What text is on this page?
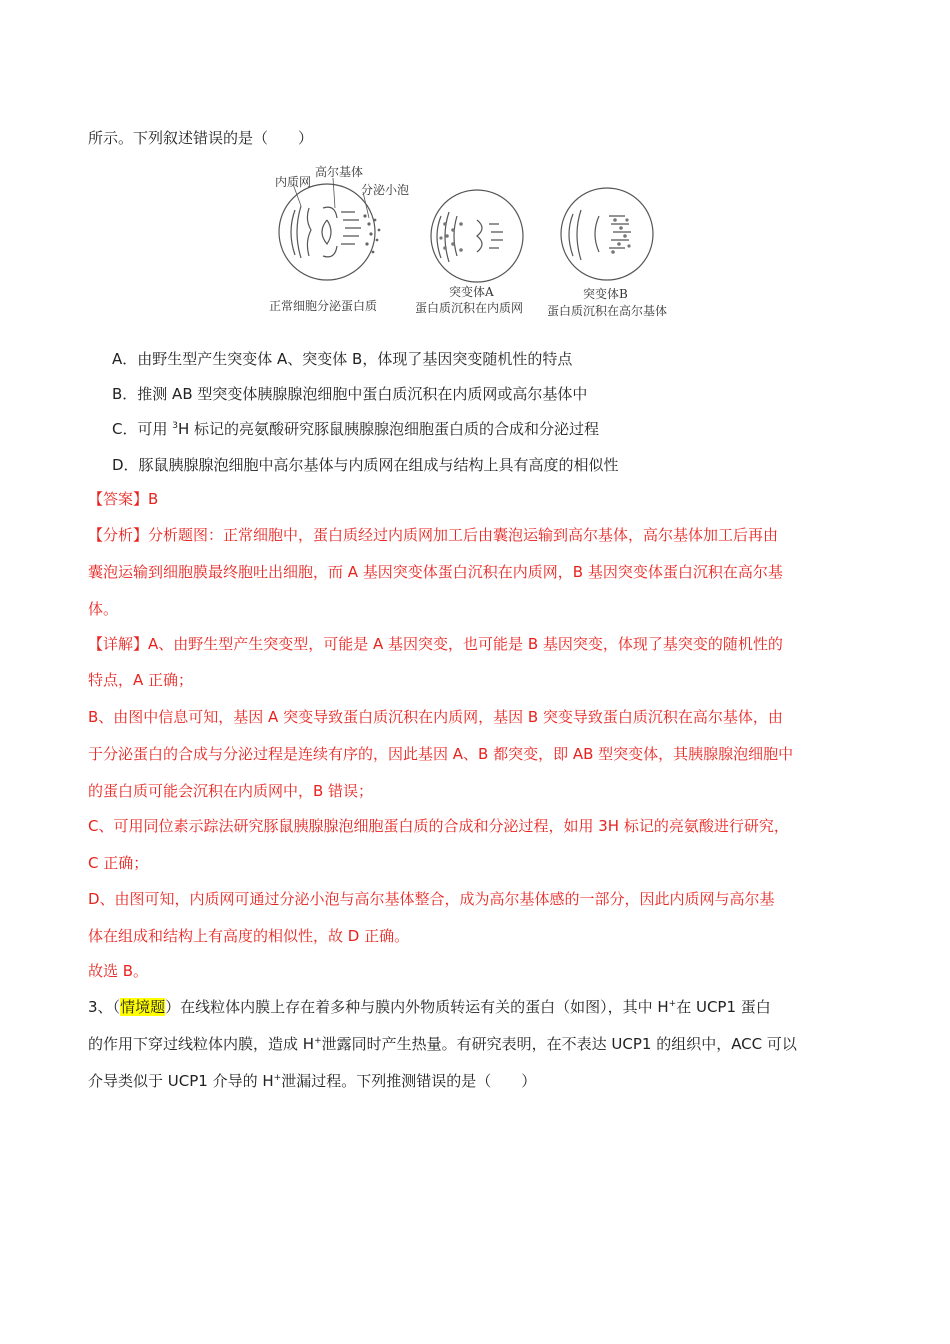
所示。下列叙述错误的是（　　）
内质网
高尔基体
分泌小泡
正常细胞分泌蛋白质
突变体A
蛋白质沉积在内质网
突变体B
蛋白质沉积在高尔基体
A．由野生型产生突变体 A、突变体 B，体现了基因突变随机性的特点
B．推测 AB 型突变体胰腺腺泡细胞中蛋白质沉积在内质网或高尔基体中
C．可用 $^3$H 标记的亮氨酸研究豚鼠胰腺腺泡细胞蛋白质的合成和分泌过程
D．豚鼠胰腺腺泡细胞中高尔基体与内质网在组成与结构上具有高度的相似性
【答案】B
【分析】分析题图：正常细胞中，蛋白质经过内质网加工后由囊泡运输到高尔基体，高尔基体加工后再由
囊泡运输到细胞膜最终胞吐出细胞，而 A 基因突变体蛋白沉积在内质网，B 基因突变体蛋白沉积在高尔基
体。
【详解】A、由野生型产生突变型，可能是 A 基因突变，也可能是 B 基因突变，体现了基突变的随机性的
特点，A 正确；
B、由图中信息可知，基因 A 突变导致蛋白质沉积在内质网，基因 B 突变导致蛋白质沉积在高尔基体，由
于分泌蛋白的合成与分泌过程是连续有序的，因此基因 A、B 都突变，即 AB 型突变体，其胰腺腺泡细胞中
的蛋白质可能会沉积在内质网中，B 错误；
C、可用同位素示踪法研究豚鼠胰腺腺泡细胞蛋白质的合成和分泌过程，如用 3H 标记的亮氨酸进行研究，
C 正确；
D、由图可知，内质网可通过分泌小泡与高尔基体整合，成为高尔基体感的一部分，因此内质网与高尔基
体在组成和结构上有高度的相似性，故 D 正确。
故选 B。
3、（情境题）在线粒体内膜上存在着多种与膜内外物质转运有关的蛋白（如图），其中 H+在 UCP1 蛋白
的作用下穿过线粒体内膜，造成 H+泄露同时产生热量。有研究表明，在不表达 UCP1 的组织中，ACC 可以
介导类似于 UCP1 介导的 H+泄漏过程。下列推测错误的是（　　）
